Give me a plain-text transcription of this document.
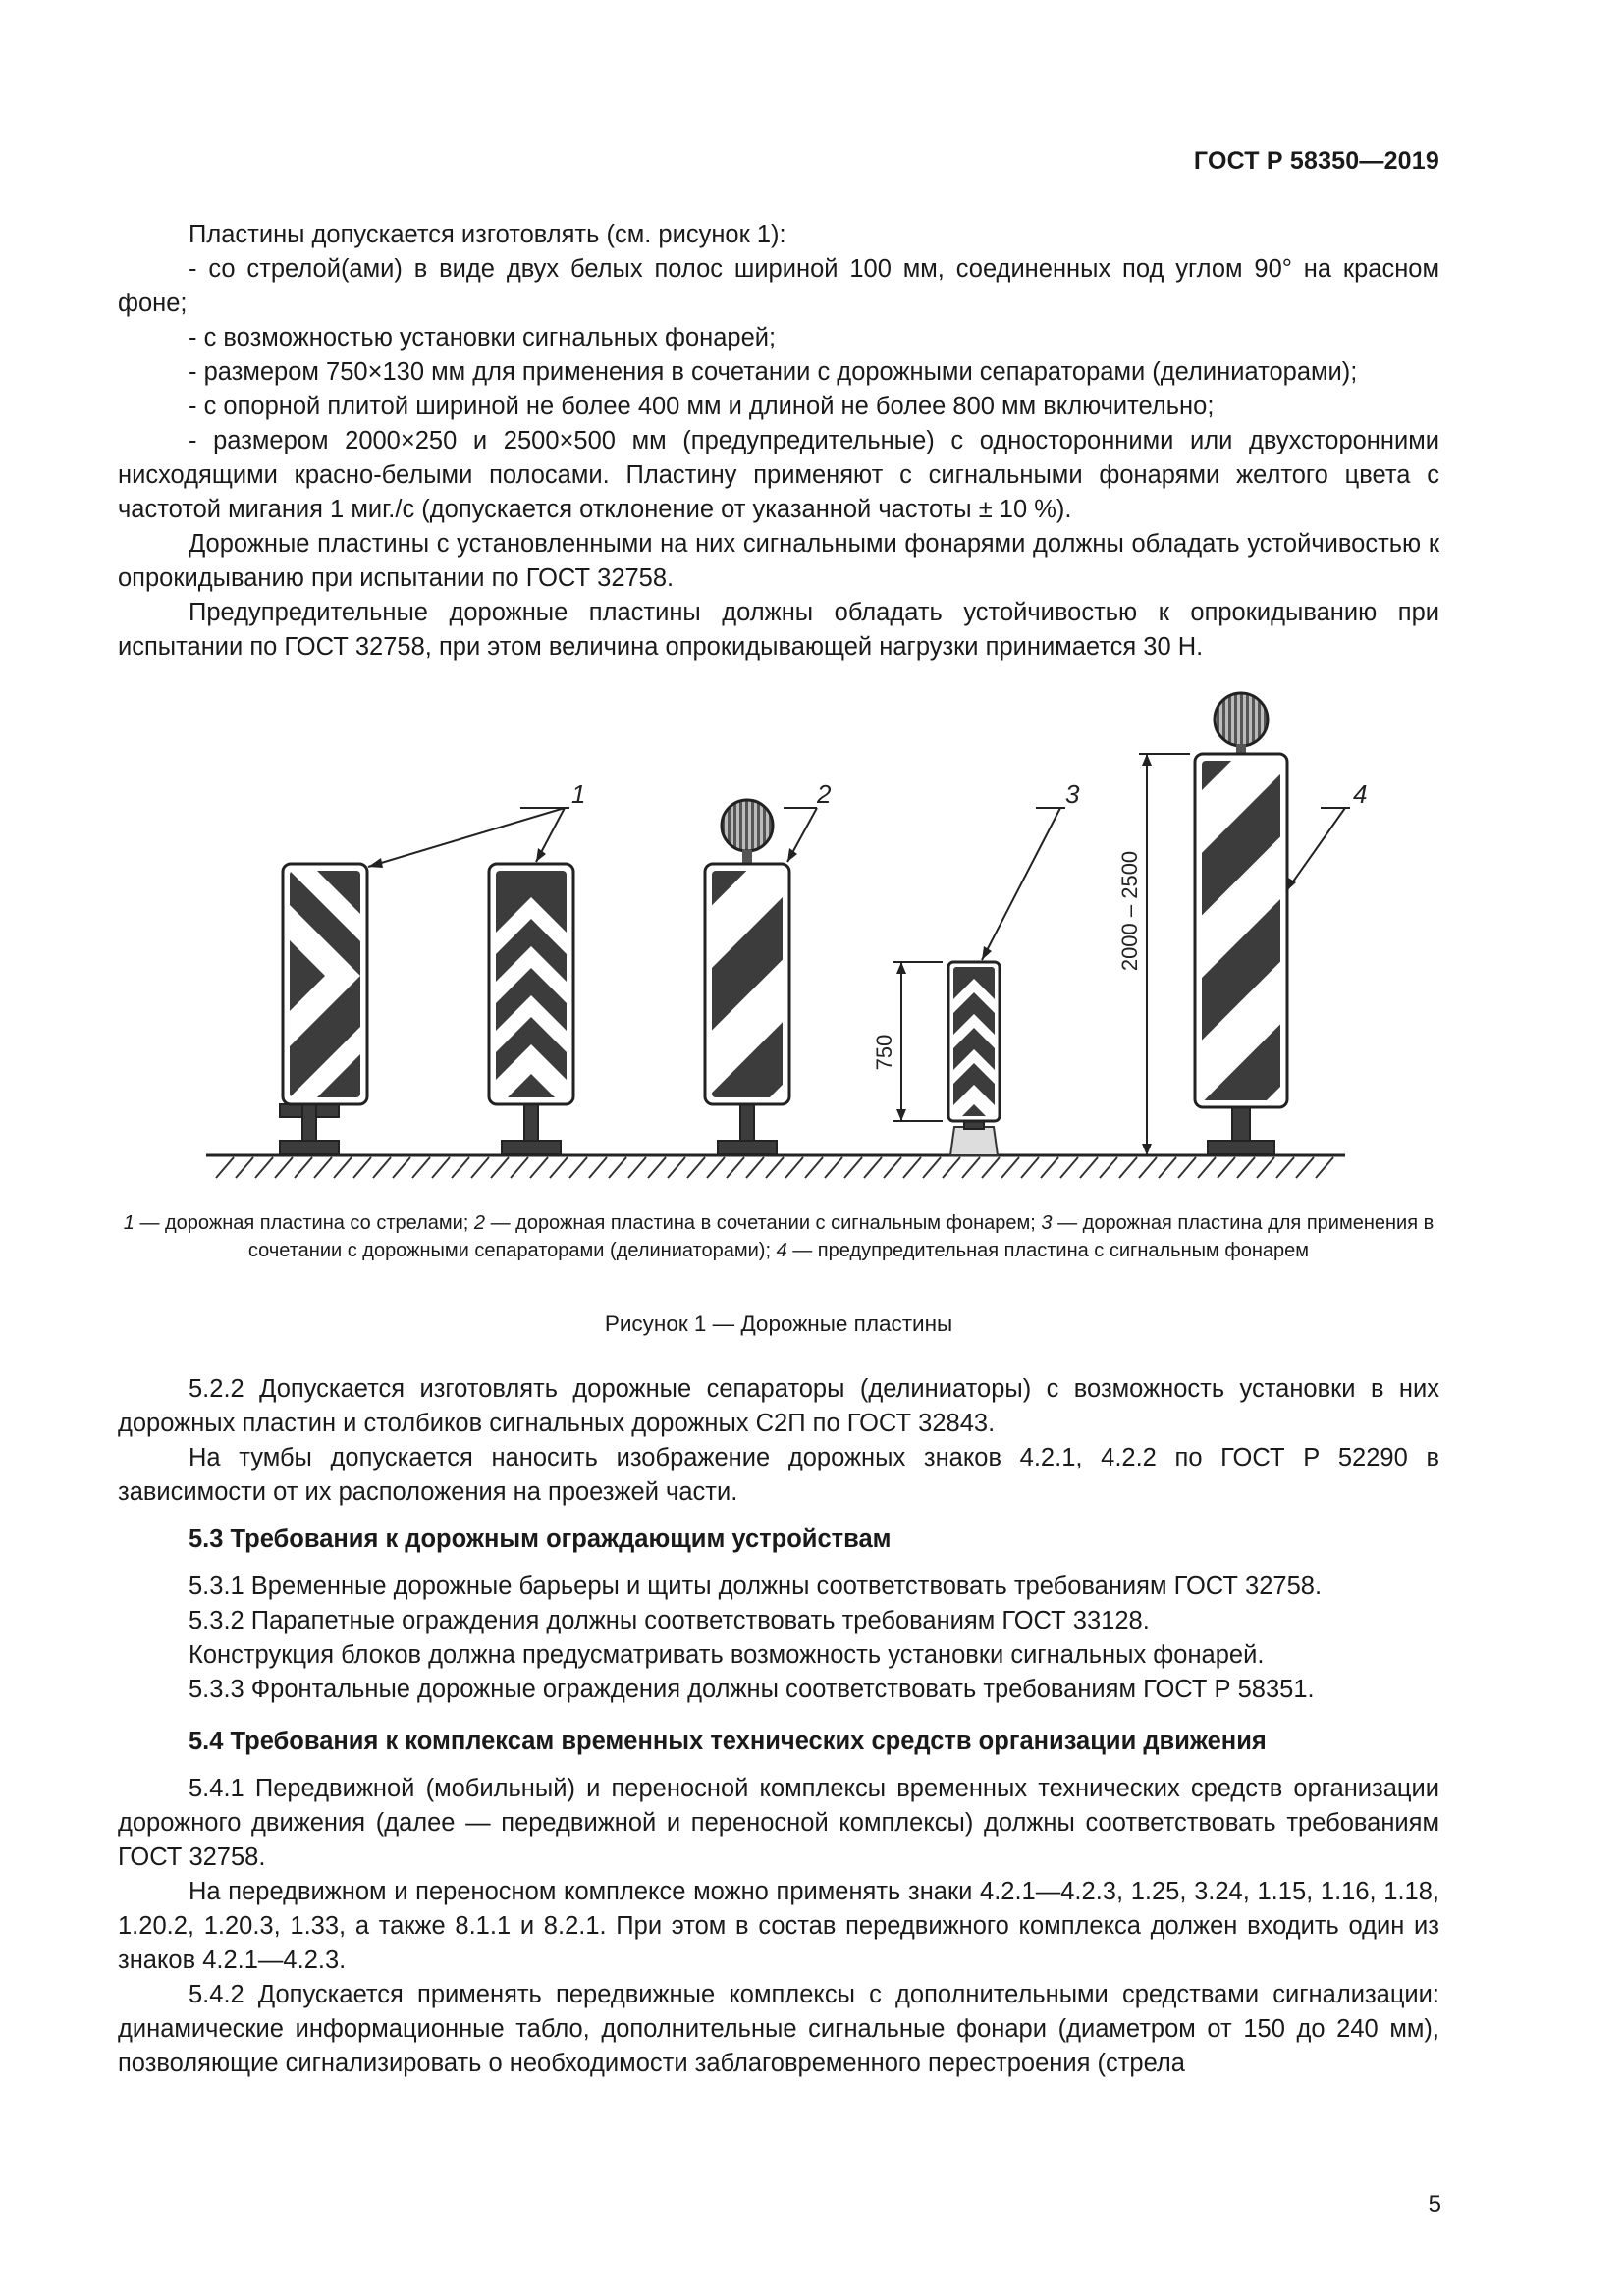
ГОСТ Р 58350—2019

Пластины допускается изготовлять (см. рисунок 1):

- со стрелой(ами) в виде двух белых полос шириной 100 мм, соединенных под углом 90° на красном фоне;

- с возможностью установки сигнальных фонарей;

- размером 750×130 мм для применения в сочетании с дорожными сепараторами (делиниаторами);

- с опорной плитой шириной не более 400 мм и длиной не более 800 мм включительно;

- размером 2000×250 и 2500×500 мм (предупредительные) с односторонними или двухсторонними нисходящими красно-белыми полосами. Пластину применяют с сигнальными фонарями желтого цвета с частотой мигания 1 миг./с (допускается отклонение от указанной частоты ± 10 %).

Дорожные пластины с установленными на них сигнальными фонарями должны обладать устойчивостью к опрокидыванию при испытании по ГОСТ 32758.

Предупредительные дорожные пластины должны обладать устойчивостью к опрокидыванию при испытании по ГОСТ 32758, при этом величина опрокидывающей нагрузки принимается 30 Н.

750
2000 – 2500
1	2	3	4
1 — дорожная пластина со стрелами; 2 — дорожная пластина в сочетании с сигнальным фонарем; 3 — дорожная пластина для применения в сочетании с дорожными сепараторами (делиниаторами); 4 — предупредительная пластина с сигнальным фонарем
Рисунок 1 — Дорожные пластины

5.2.2 Допускается изготовлять дорожные сепараторы (делиниаторы) с возможность установки в них дорожных пластин и столбиков сигнальных дорожных С2П по ГОСТ 32843.

На тумбы допускается наносить изображение дорожных знаков 4.2.1, 4.2.2 по ГОСТ Р 52290 в зависимости от их расположения на проезжей части.

5.3 Требования к дорожным ограждающим устройствам

5.3.1 Временные дорожные барьеры и щиты должны соответствовать требованиям ГОСТ 32758.

5.3.2 Парапетные ограждения должны соответствовать требованиям ГОСТ 33128.

Конструкция блоков должна предусматривать возможность установки сигнальных фонарей.

5.3.3 Фронтальные дорожные ограждения должны соответствовать требованиям ГОСТ Р 58351.

5.4 Требования к комплексам временных технических средств организации движения

5.4.1 Передвижной (мобильный) и переносной комплексы временных технических средств организации дорожного движения (далее — передвижной и переносной комплексы) должны соответствовать требованиям ГОСТ 32758.

На передвижном и переносном комплексе можно применять знаки 4.2.1—4.2.3, 1.25, 3.24, 1.15, 1.16, 1.18, 1.20.2, 1.20.3, 1.33, а также 8.1.1 и 8.2.1. При этом в состав передвижного комплекса должен входить один из знаков 4.2.1—4.2.3.

5.4.2 Допускается применять передвижные комплексы с дополнительными средствами сигнализации: динамические информационные табло, дополнительные сигнальные фонари (диаметром от 150 до 240 мм), позволяющие сигнализировать о необходимости заблаговременного перестроения (стрела

5
